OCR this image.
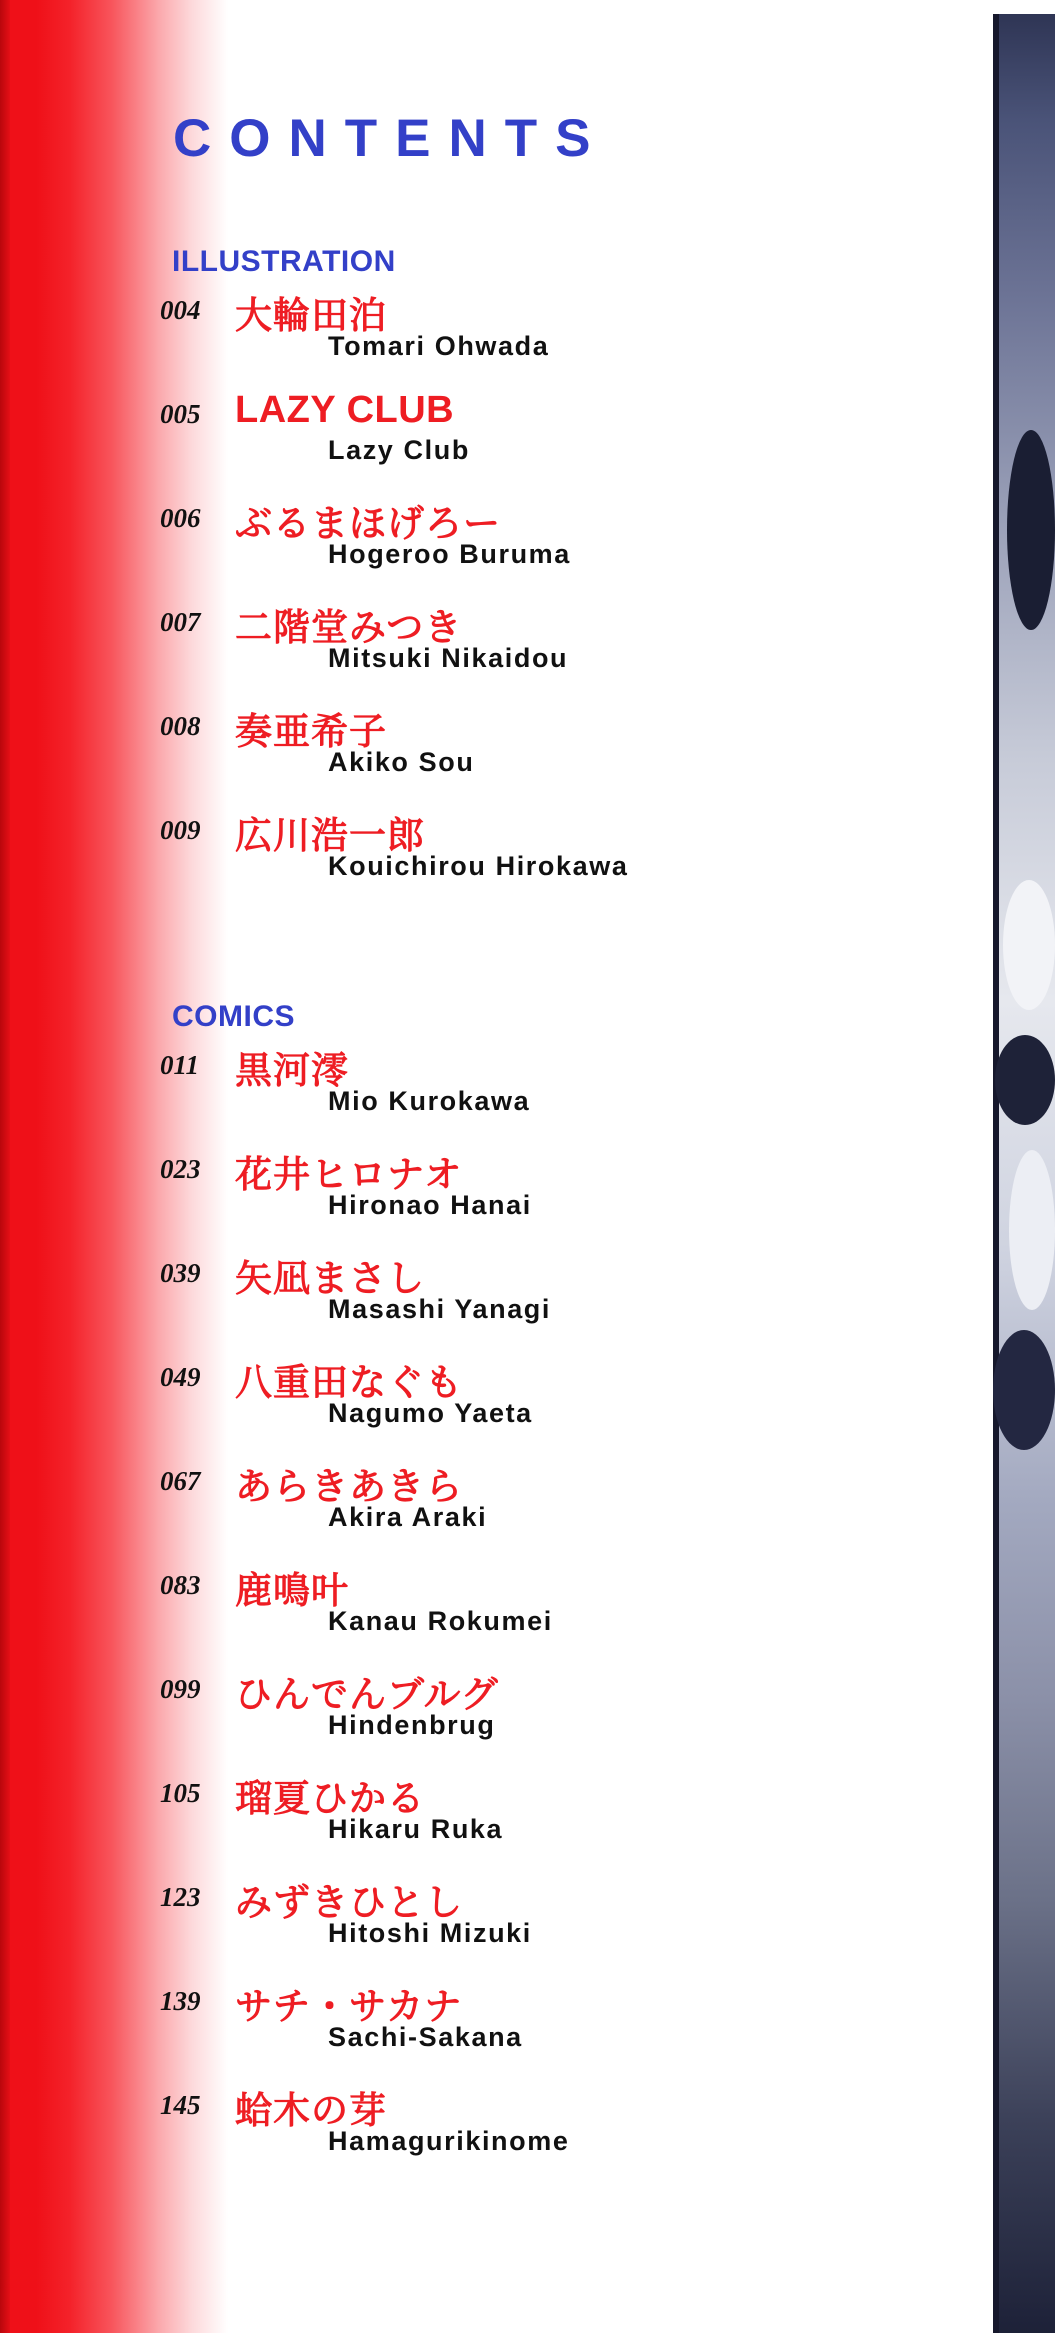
CONTENTS
ILLUSTRATION
004 大輪田泊
Tomari Ohwada
005 LAZY CLUB
Lazy Club
006 ぶるまほげろー
Hogeroo Buruma
007 二階堂みつき
Mitsuki Nikaidou
008 奏亜希子
Akiko Sou
009 広川浩一郎
Kouichirou Hirokawa
COMICS
011 黒河澪
Mio Kurokawa
023 花井ヒロナオ
Hironao Hanai
039 矢凪まさし
Masashi Yanagi
049 八重田なぐも
Nagumo Yaeta
067 あらきあきら
Akira Araki
083 鹿鳴叶
Kanau Rokumei
099 ひんでんブルグ
Hindenbrug
105 瑠夏ひかる
Hikaru Ruka
123 みずきひとし
Hitoshi Mizuki
139 サチ・サカナ
Sachi-Sakana
145 蛤木の芽
Hamagurikinome
